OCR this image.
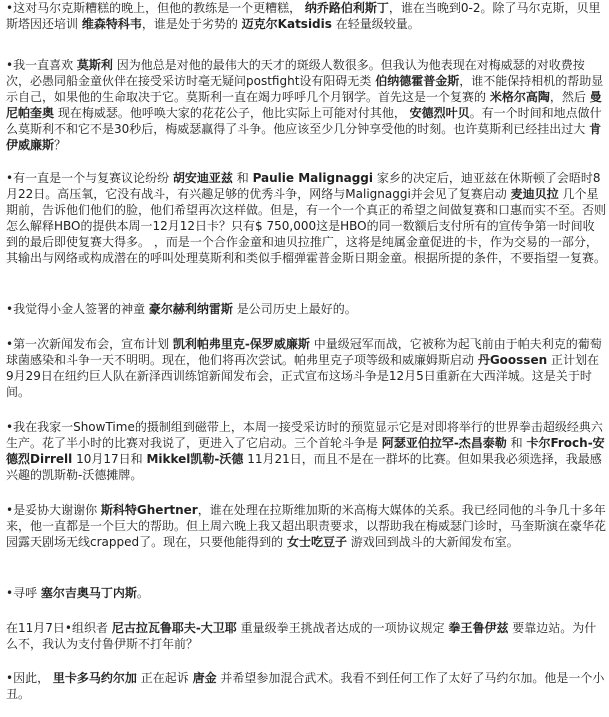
•这对马尔克斯糟糕的晚上，但他的教练是一个更糟糕， 纳乔路伯利斯丁，谁在当晚到0-2。除了马尔克斯，贝里斯塔因还培训 维森特科韦，谁是处于劣势的 迈克尔Katsidis 在轻量级较量。

•我一直喜欢 莫斯利 因为他总是对他的最伟大的天才的斑级人数很多。但我认为他表现在对梅威瑟的对收费按次，必愚同船金童伙伴在接受采访时毫无疑问postfight设有阳碍无类 伯纳德霍普金斯，谁不能保持相机的帮助显示自己，如果他的生命取决于它。莫斯利一直在竭力呼呼几个月钢学。首先这是一个复赛的 米格尔高陶，然后 曼尼帕奎奥 现在梅威瑟。他呼唤大家的花花公子，他比实际上可能对付其他， 安德烈叶贝。有一个时间和地点做什么莫斯利不和它不是30秒后，梅威瑟赢得了斗争。他应该至少几分钟享受他的时刻。也许莫斯利已经挂出过大 肯伊威廉斯？

•有一直是一个与复赛议论纷纷 胡安迪亚兹 和 Paulie Malignaggi 家乡的决定后，迪亚兹在休斯顿了会晤时8月22日。高压氧，它没有战斗，有兴趣足够的优秀斗争，网络与Malignaggi并会见了复赛启动 麦迪贝拉 几个星期前，告诉他们他们的脸，他们希望再次这样做。但是，有一个一个真正的希望之间做复赛和口惠而实不至。否则怎么解释HBO的提供本周一12月12日卡？只有$ 750,000这是HBO的同一数额后支付所有的宣传争第一时间收到的最后即使复赛大得多。 ，而是一个合作金童和迪贝拉推广，这将是纯属金童促进的卡，作为交易的一部分，其输出与网络或构成潜在的呼叫处理莫斯利和类似手榴弹霍普金斯日期金童。根据所提的条件，不要指望一复赛。

•我觉得小金人签署的神童 豪尔赫利纳雷斯 是公司历史上最好的。

•第一次新闻发布会，宣布计划 凯利帕弗里克-保罗威廉斯 中量级冠军而战，它被称为起飞前由于帕夫利克的葡萄球菌感染和斗争一天不明明。现在，他们将再次尝试。帕弗里克子项等级和威廉姆斯启动 丹Goossen 正计划在9月29日在纽约巨人队在新泽西训练馆新闻发布会，正式宣布这场斗争是12月5日重新在大西洋城。这是关于时间。

•我在我家一ShowTime的摄制组到磁带上，本周一接受采访时的预览显示它是对即将举行的世界拳击超级经典六生产。花了半小时的比赛对我说了，更进入了它启动。三个首轮斗争是 阿瑟亚伯拉罕-杰昌泰勒 和 卡尔Froch-安德烈Dirrell 10月17日和 Mikkel凯勒-沃德 11月21日，而且不是在一群坏的比赛。但如果我必须选择，我最感兴趣的凯斯勒-沃德摊牌。

•是妥协大谢谢你 斯科特Ghertner，谁在处理在拉斯维加斯的米高梅大媒体的关系。我已经同他的斗争几十多年来，他一直都是一个巨大的帮助。但上周六晚上我又超出职责要求，以帮助我在梅威瑟门诊时，马奎斯演在豪华花园露天剧场无线crapped了。现在，只要他能得到的 女士吃豆子 游戏回到战斗的大新闻发布室。

•寻呼 塞尔吉奥马丁内斯。

在11月7日•组织者 尼古拉瓦鲁耶夫-大卫耶 重量级拳王挑战者达成的一项协议规定 拳王鲁伊兹 要靠边站。为什么不，我认为支付鲁伊斯不打年前？

•因此， 里卡多马约尔加 正在起诉 唐金 并希望参加混合武术。我看不到任何工作了太好了马约尔加。他是一个小丑。
